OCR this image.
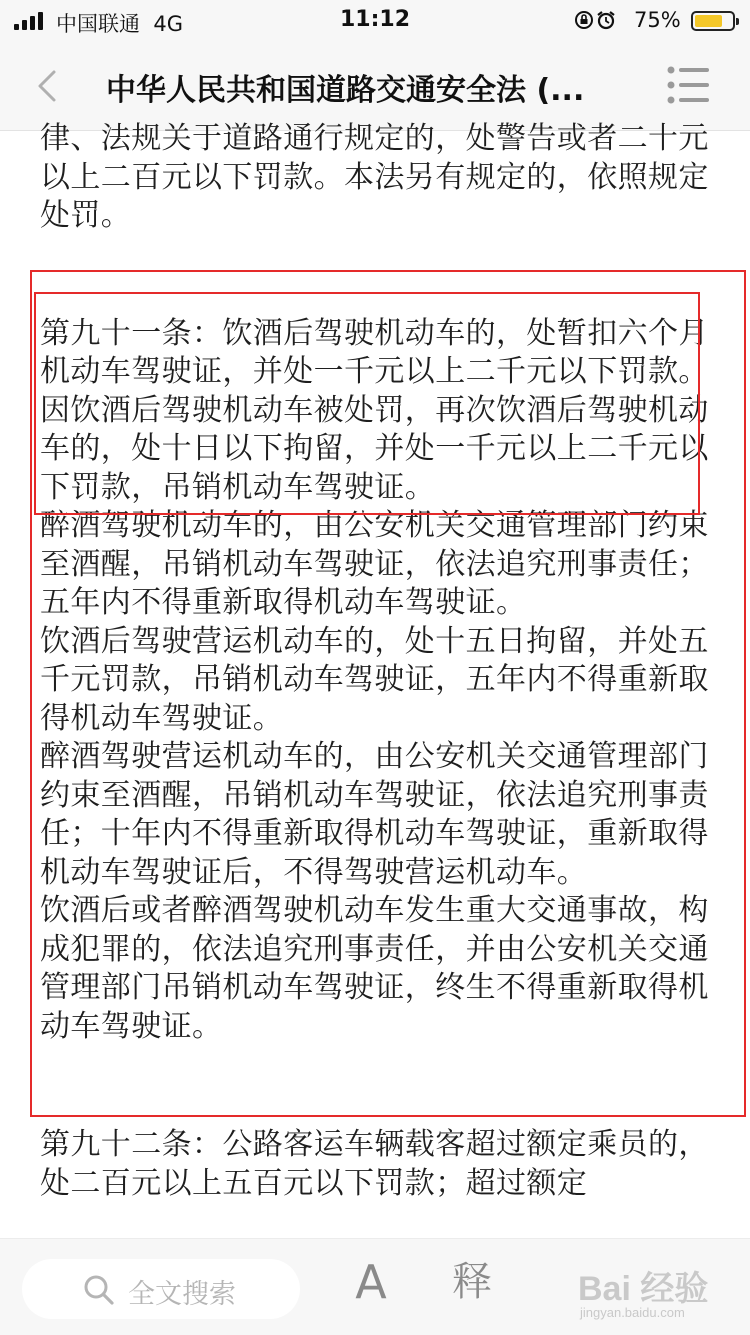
中国联通 4G	11:12	75%
中华人民共和国道路交通安全法 (...

律、法规关于道路通行规定的，处警告或者二十元以上二百元以下罚款。本法另有规定的，依照规定处罚。

第九十一条：饮酒后驾驶机动车的，处暂扣六个月机动车驾驶证，并处一千元以上二千元以下罚款。因饮酒后驾驶机动车被处罚，再次饮酒后驾驶机动车的，处十日以下拘留，并处一千元以上二千元以下罚款，吊销机动车驾驶证。

醉酒驾驶机动车的，由公安机关交通管理部门约束至酒醒，吊销机动车驾驶证，依法追究刑事责任；五年内不得重新取得机动车驾驶证。

饮酒后驾驶营运机动车的，处十五日拘留，并处五千元罚款，吊销机动车驾驶证，五年内不得重新取得机动车驾驶证。

醉酒驾驶营运机动车的，由公安机关交通管理部门约束至酒醒，吊销机动车驾驶证，依法追究刑事责任；十年内不得重新取得机动车驾驶证，重新取得机动车驾驶证后，不得驾驶营运机动车。

饮酒后或者醉酒驾驶机动车发生重大交通事故，构成犯罪的，依法追究刑事责任，并由公安机关交通管理部门吊销机动车驾驶证，终生不得重新取得机动车驾驶证。

第九十二条：公路客运车辆载客超过额定乘员的，处二百元以上五百元以下罚款；超过额定

全文搜索	A 释	Bai 经验
jingyan.baidu.com
